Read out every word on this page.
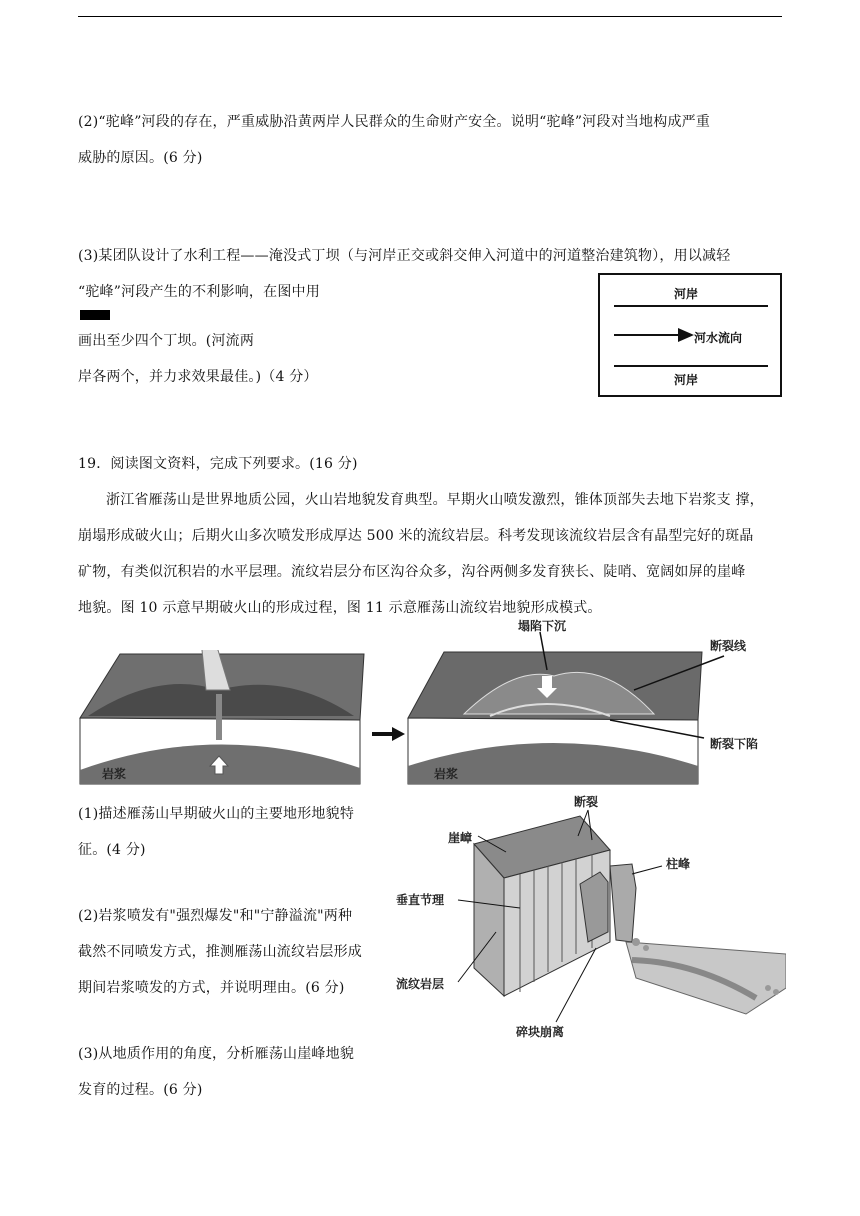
(2)“驼峰”河段的存在，严重威胁沿黄两岸人民群众的生命财产安全。说明“驼峰”河段对当地构成严重
威胁的原因。(6 分)
(3)某团队设计了水利工程——淹没式丁坝（与河岸正交或斜交伸入河道中的河道整治建筑物），用以减轻
“驼峰”河段产生的不利影响，在图中用
画出至少四个丁坝。(河流两
岸各两个，并力求效果最佳。)（4 分）
河岸
河水流向
河岸
19．阅读图文资料，完成下列要求。(16 分)
浙江省雁荡山是世界地质公园，火山岩地貌发育典型。早期火山喷发激烈，锥体顶部失去地下岩浆支 撑，
崩塌形成破火山；后期火山多次喷发形成厚达 500 米的流纹岩层。科考发现该流纹岩层含有晶型完好的斑晶
矿物，有类似沉积岩的水平层理。流纹岩层分布区沟谷众多，沟谷两侧多发育狭长、陡哨、宽阔如屏的崖峰
地貌。图 10 示意早期破火山的形成过程，图 11 示意雁荡山流纹岩地貌形成模式。
岩浆
塌陷下沉
断裂线
断裂下陷
岩浆
(1)描述雁荡山早期破火山的主要地形地貌特
征。(4 分)
(2)岩浆喷发有"强烈爆发"和"宁静溢流"两种
截然不同喷发方式，推测雁荡山流纹岩层形成
期间岩浆喷发的方式，并说明理由。(6 分)
(3)从地质作用的角度，分析雁荡山崖峰地貌
发育的过程。(6 分)
断裂
崖嶂
柱峰
垂直节理
流纹岩层
碎块崩离
